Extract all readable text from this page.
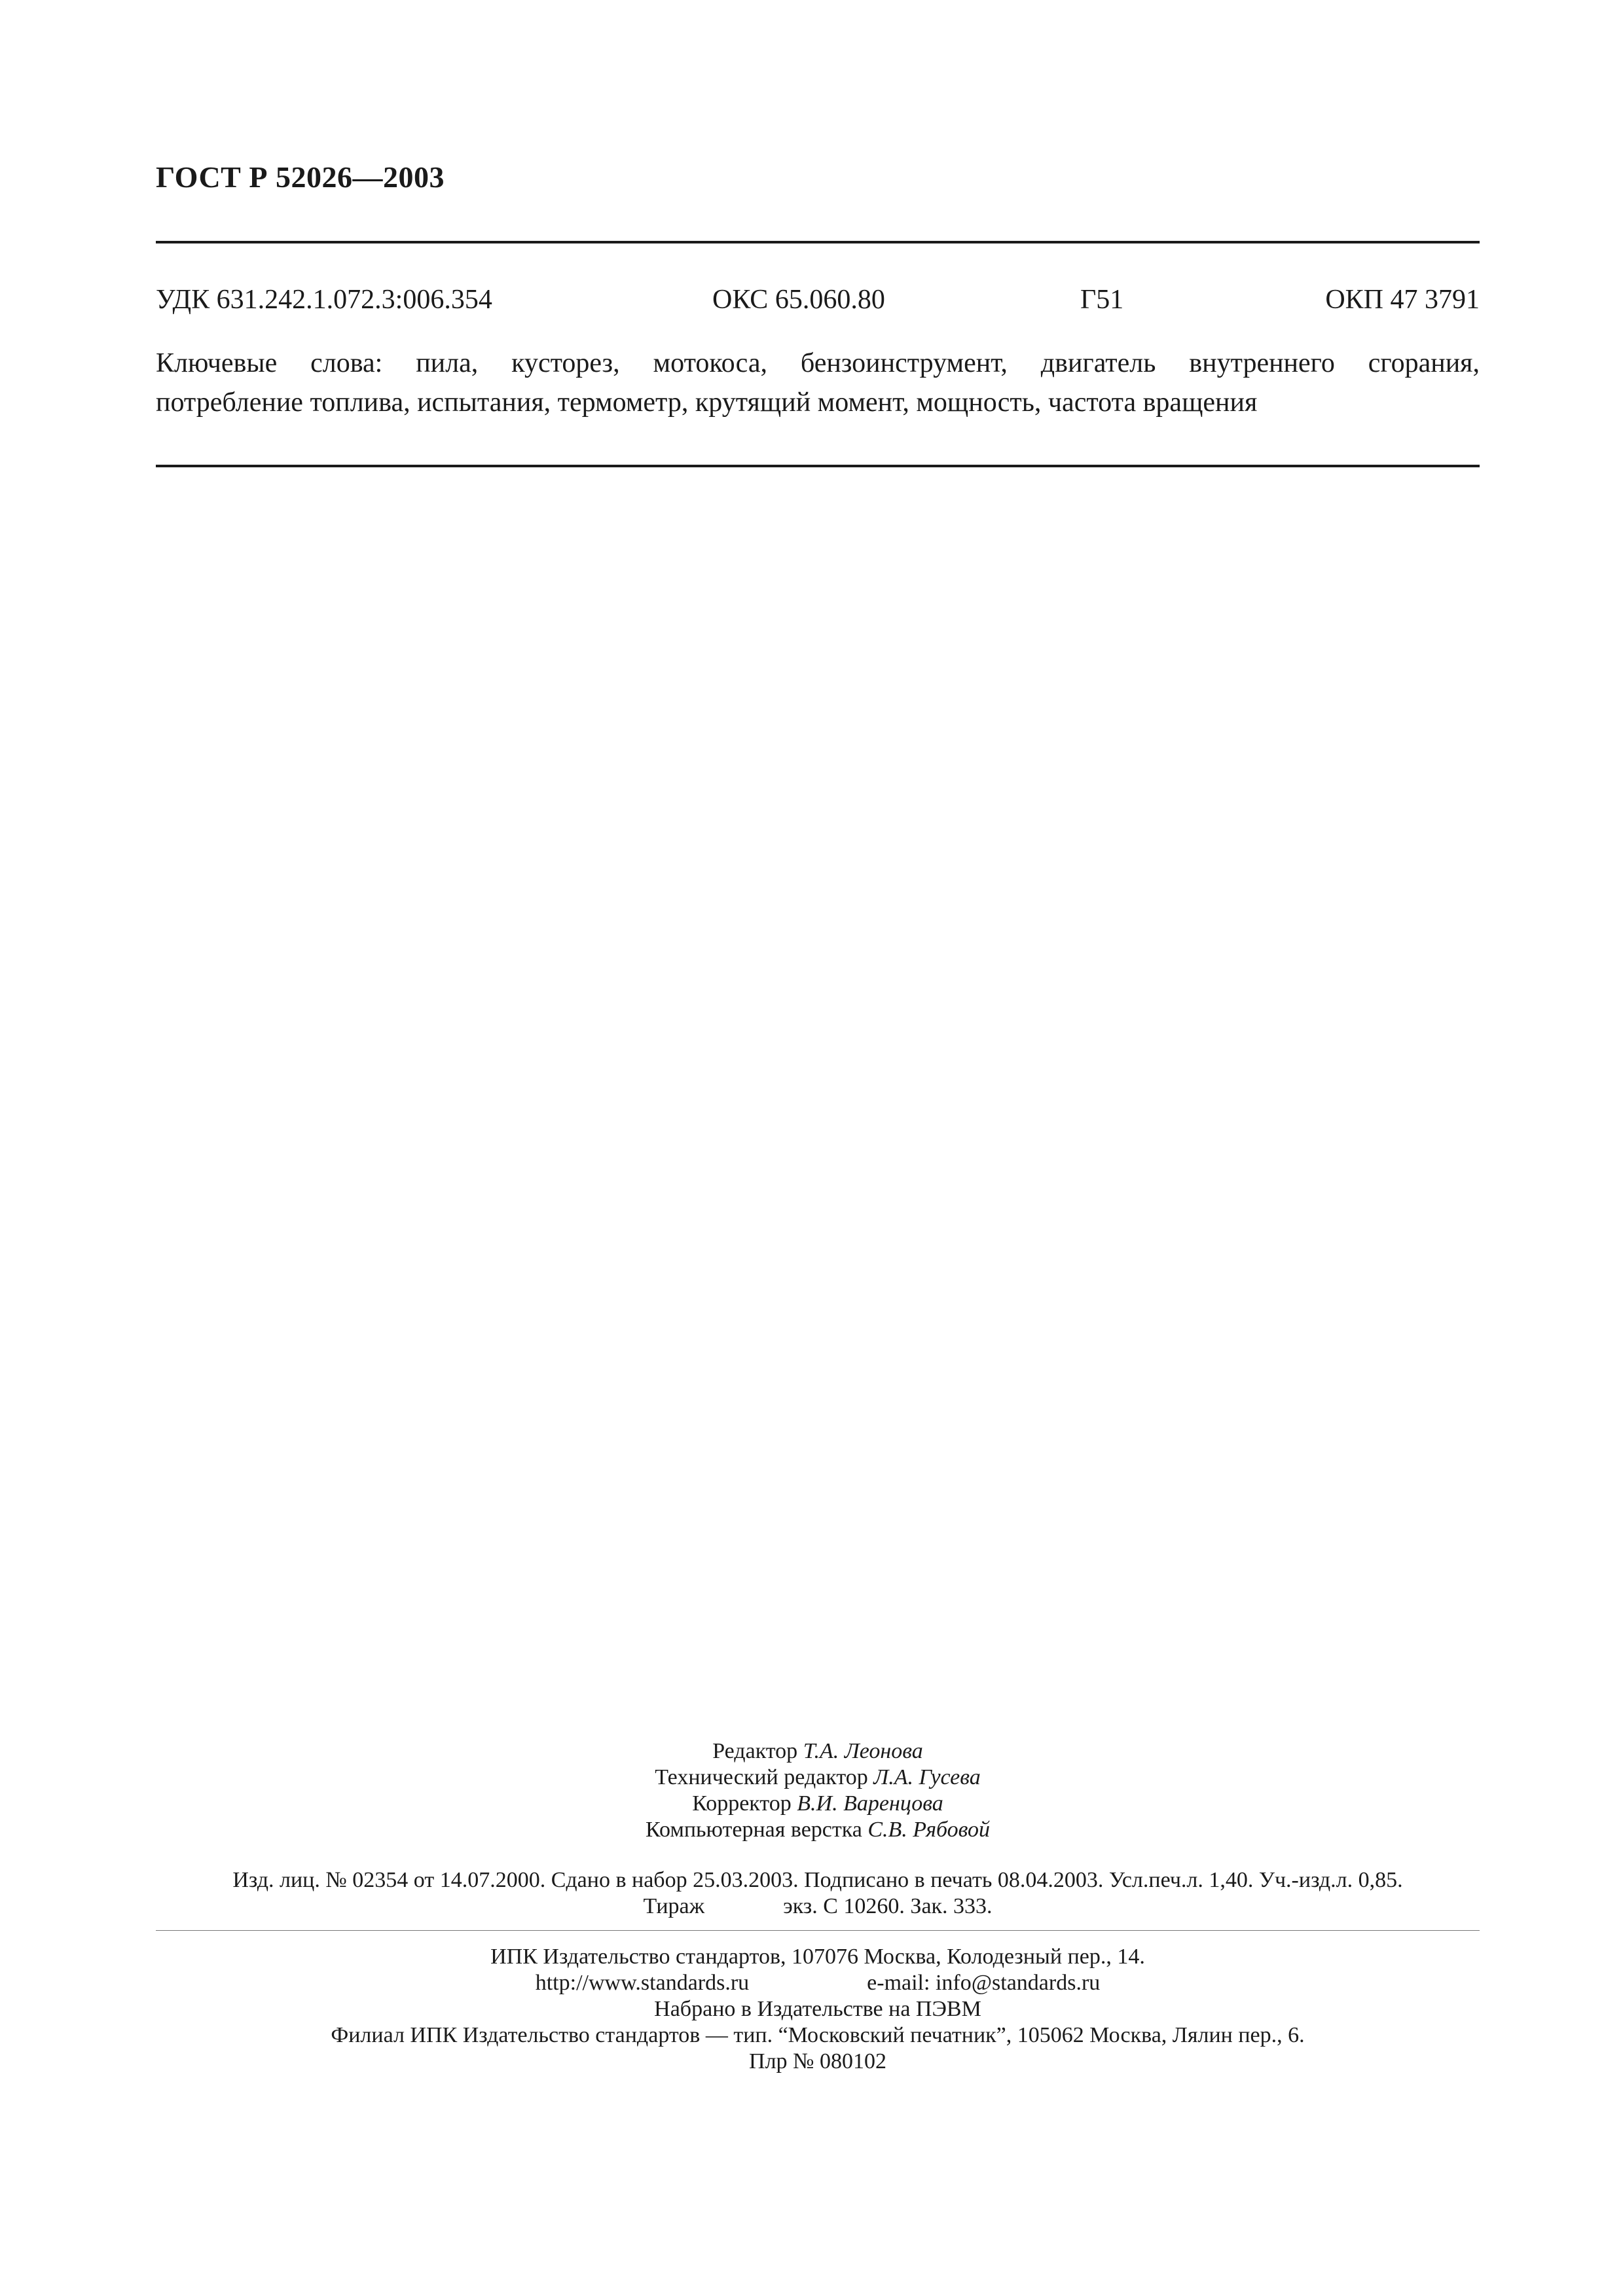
ГОСТ Р 52026—2003
УДК 631.242.1.072.3:006.354	ОКС 65.060.80	Г51	ОКП 47 3791
Ключевые слова: пила, кусторез, мотокоса, бензоинструмент, двигатель внутреннего сгорания,
потребление топлива, испытания, термометр, крутящий момент, мощность, частота вращения
Редактор Т.А. Леонова
Технический редактор Л.А. Гусева
Корректор В.И. Варенцова
Компьютерная верстка С.В. Рябовой
Изд. лиц. № 02354 от 14.07.2000. Сдано в набор 25.03.2003. Подписано в печать 08.04.2003. Усл.печ.л. 1,40. Уч.-изд.л. 0,85.
Тираж	экз. С 10260. Зак. 333.
ИПК Издательство стандартов, 107076 Москва, Колодезный пер., 14.
http://www.standards.ru	e-mail: info@standards.ru
Набрано в Издательстве на ПЭВМ
Филиал ИПК Издательство стандартов — тип. “Московский печатник”, 105062 Москва, Лялин пер., 6.
Плр № 080102
